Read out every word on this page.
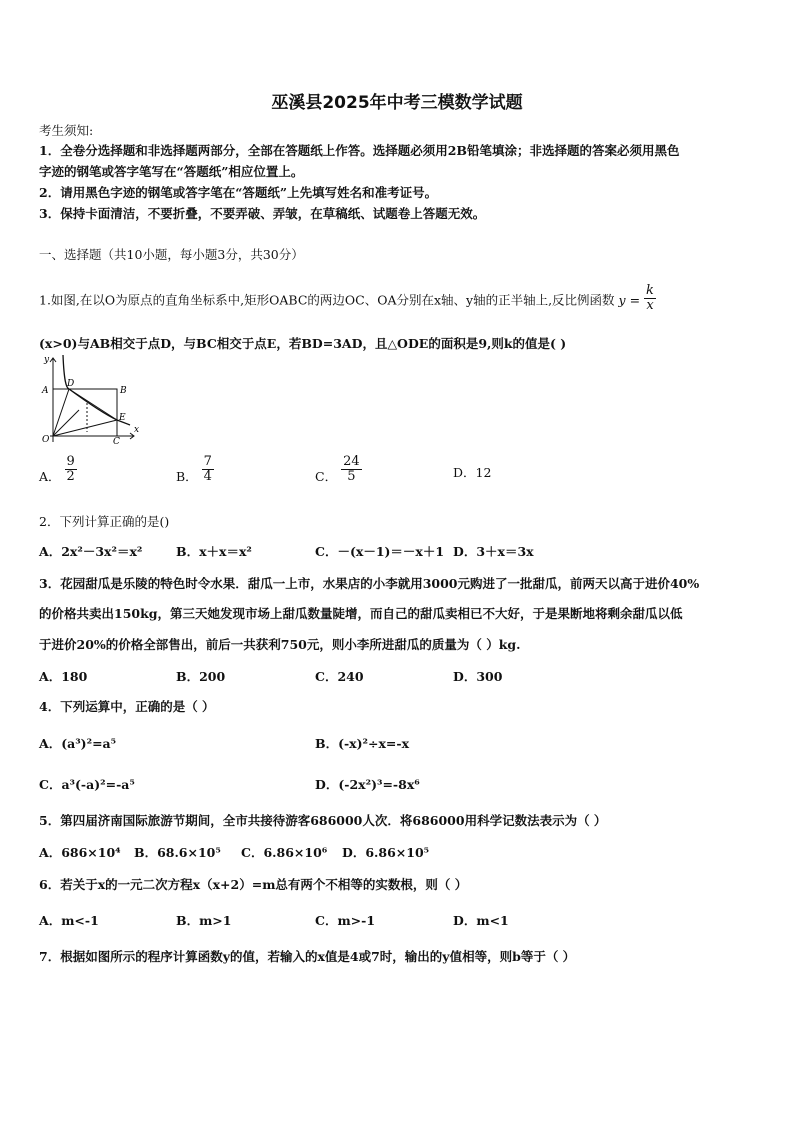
巫溪县2025年中考三模数学试题
考生须知:
1．全卷分选择题和非选择题两部分，全部在答题纸上作答。选择题必须用2B铅笔填涂；非选择题的答案必须用黑色
字迹的钢笔或答字笔写在“答题纸”相应位置上。
2．请用黑色字迹的钢笔或答字笔在“答题纸”上先填写姓名和准考证号。
3．保持卡面清洁，不要折叠，不要弄破、弄皱，在草稿纸、试题卷上答题无效。
一、选择题（共10小题，每小题3分，共30分）
1.如图,在以O为原点的直角坐标系中,矩形OABC的两边OC、OA分别在x轴、y轴的正半轴上,反比例函数 $y = \frac{k}{x}$
(x>0)与AB相交于点D，与BC相交于点E，若BD=3AD，且△ODE的面积是9,则k的值是( )
y
x
A
D
B
E
O	C
A． $\frac{9}{2}$	B． $\frac{7}{4}$	C． $\frac{24}{5}$	D．12
2．下列计算正确的是()
A．2x²－3x²＝x²	B．x＋x＝x²	C．－(x－1)＝－x＋1 D．3＋x＝3x
3．花园甜瓜是乐陵的特色时令水果．甜瓜一上市，水果店的小李就用3000元购进了一批甜瓜，前两天以高于进价40%
的价格共卖出150kg，第三天她发现市场上甜瓜数量陡增，而自己的甜瓜卖相已不大好，于是果断地将剩余甜瓜以低
于进价20%的价格全部售出，前后一共获利750元，则小李所进甜瓜的质量为（ ）kg.
A．180	B．200	C．240	D．300
4．下列运算中，正确的是（ ）
A．(a³)²=a⁵	B．(-x)²÷x=-x
C．a³(-a)²=-a⁵	D．(-2x²)³=-8x⁶
5．第四届济南国际旅游节期间，全市共接待游客686000人次．将686000用科学记数法表示为（ ）
A．686×10⁴ B．68.6×10⁵ C．6.86×10⁶ D．6.86×10⁵
6．若关于x的一元二次方程x（x+2）=m总有两个不相等的实数根，则（ ）
A．m<-1	B．m>1	C．m>-1	D．m<1
7．根据如图所示的程序计算函数y的值，若输入的x值是4或7时，输出的y值相等，则b等于（ ）
